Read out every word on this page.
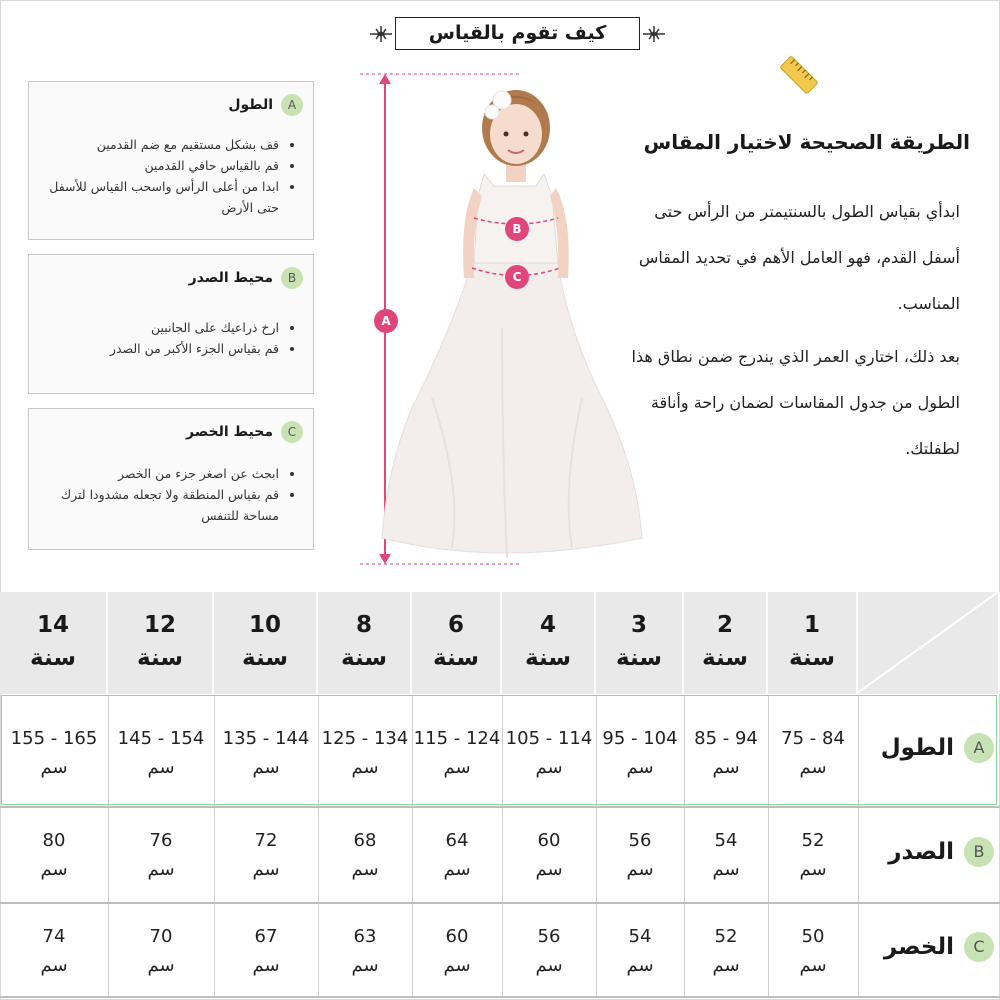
كيف تقوم بالقياس
A
الطول
• قف بشكل مستقيم مع ضم القدمين
• قم بالقياس حافي القدمين
• ابدا من أعلى الرأس واسحب القياس للأسفل حتى الأرض
B
محيط الصدر
• ارخ ذراعيك على الجانبين
• قم بقياس الجزء الأكبر من الصدر
C
محيط الخصر
• ابحث عن اصغر جزء من الخصر
• قم بقياس المنطقة ولا تجعله مشدودا لترك مساحة للتنفس
A
B
C
الطريقة الصحيحة لاختيار المقاس
ابدأي بقياس الطول بالسنتيمتر من الرأس حتى أسفل القدم، فهو العامل الأهم في تحديد المقاس المناسب.
بعد ذلك، اختاري العمر الذي يندرج ضمن نطاق هذا الطول من جدول المقاسات لضمان راحة وأناقة لطفلتك.
1
سنة
2
سنة
3
سنة
4
سنة
6
سنة
8
سنة
10
سنة
12
سنة
14
سنة
A
الطول
75 - 84
سم
85 - 94
سم
95 - 104
سم
105 - 114
سم
115 - 124
سم
125 - 134
سم
135 - 144
سم
145 - 154
سم
155 - 165
سم
B
الصدر
52
سم
54
سم
56
سم
60
سم
64
سم
68
سم
72
سم
76
سم
80
سم
C
الخصر
50
سم
52
سم
54
سم
56
سم
60
سم
63
سم
67
سم
70
سم
74
سم
